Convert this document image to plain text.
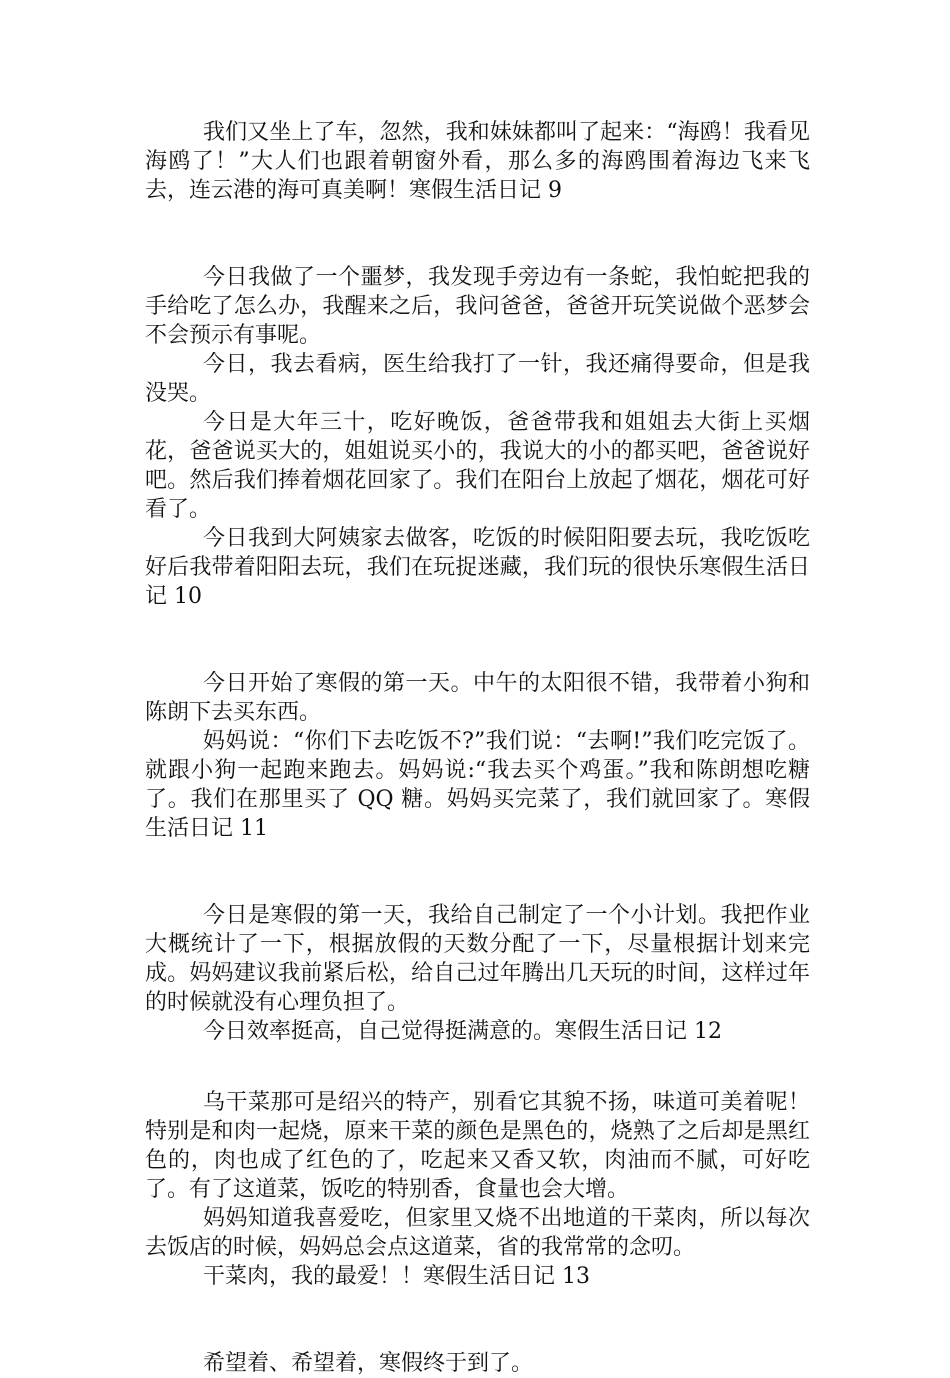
我们又坐上了车，忽然，我和妹妹都叫了起来：“海鸥！我看见海鸥了！”大人们也跟着朝窗外看，那么多的海鸥围着海边飞来飞去，连云港的海可真美啊！寒假生活日记 9

今日我做了一个噩梦，我发现手旁边有一条蛇，我怕蛇把我的手给吃了怎么办，我醒来之后，我问爸爸，爸爸开玩笑说做个恶梦会不会预示有事呢。

今日，我去看病，医生给我打了一针，我还痛得要命，但是我没哭。

今日是大年三十，吃好晚饭，爸爸带我和姐姐去大街上买烟花，爸爸说买大的，姐姐说买小的，我说大的小的都买吧，爸爸说好吧。然后我们捧着烟花回家了。我们在阳台上放起了烟花，烟花可好看了。

今日我到大阿姨家去做客，吃饭的时候阳阳要去玩，我吃饭吃好后我带着阳阳去玩，我们在玩捉迷藏，我们玩的很快乐寒假生活日记 10

今日开始了寒假的第一天。中午的太阳很不错，我带着小狗和陈朗下去买东西。

妈妈说：“你们下去吃饭不?”我们说：“去啊!”我们吃完饭了。就跟小狗一起跑来跑去。妈妈说:“我去买个鸡蛋。”我和陈朗想吃糖了。我们在那里买了 QQ 糖。妈妈买完菜了，我们就回家了。寒假生活日记 11

今日是寒假的第一天，我给自己制定了一个小计划。我把作业大概统计了一下，根据放假的天数分配了一下，尽量根据计划来完成。妈妈建议我前紧后松，给自己过年腾出几天玩的时间，这样过年的时候就没有心理负担了。

今日效率挺高，自己觉得挺满意的。寒假生活日记 12

乌干菜那可是绍兴的特产，别看它其貌不扬，味道可美着呢！特别是和肉一起烧，原来干菜的颜色是黑色的，烧熟了之后却是黑红色的，肉也成了红色的了，吃起来又香又软，肉油而不腻，可好吃了。有了这道菜，饭吃的特别香，食量也会大增。

妈妈知道我喜爱吃，但家里又烧不出地道的干菜肉，所以每次去饭店的时候，妈妈总会点这道菜，省的我常常的念叨。

干菜肉，我的最爱！！寒假生活日记 13

希望着、希望着，寒假终于到了。
